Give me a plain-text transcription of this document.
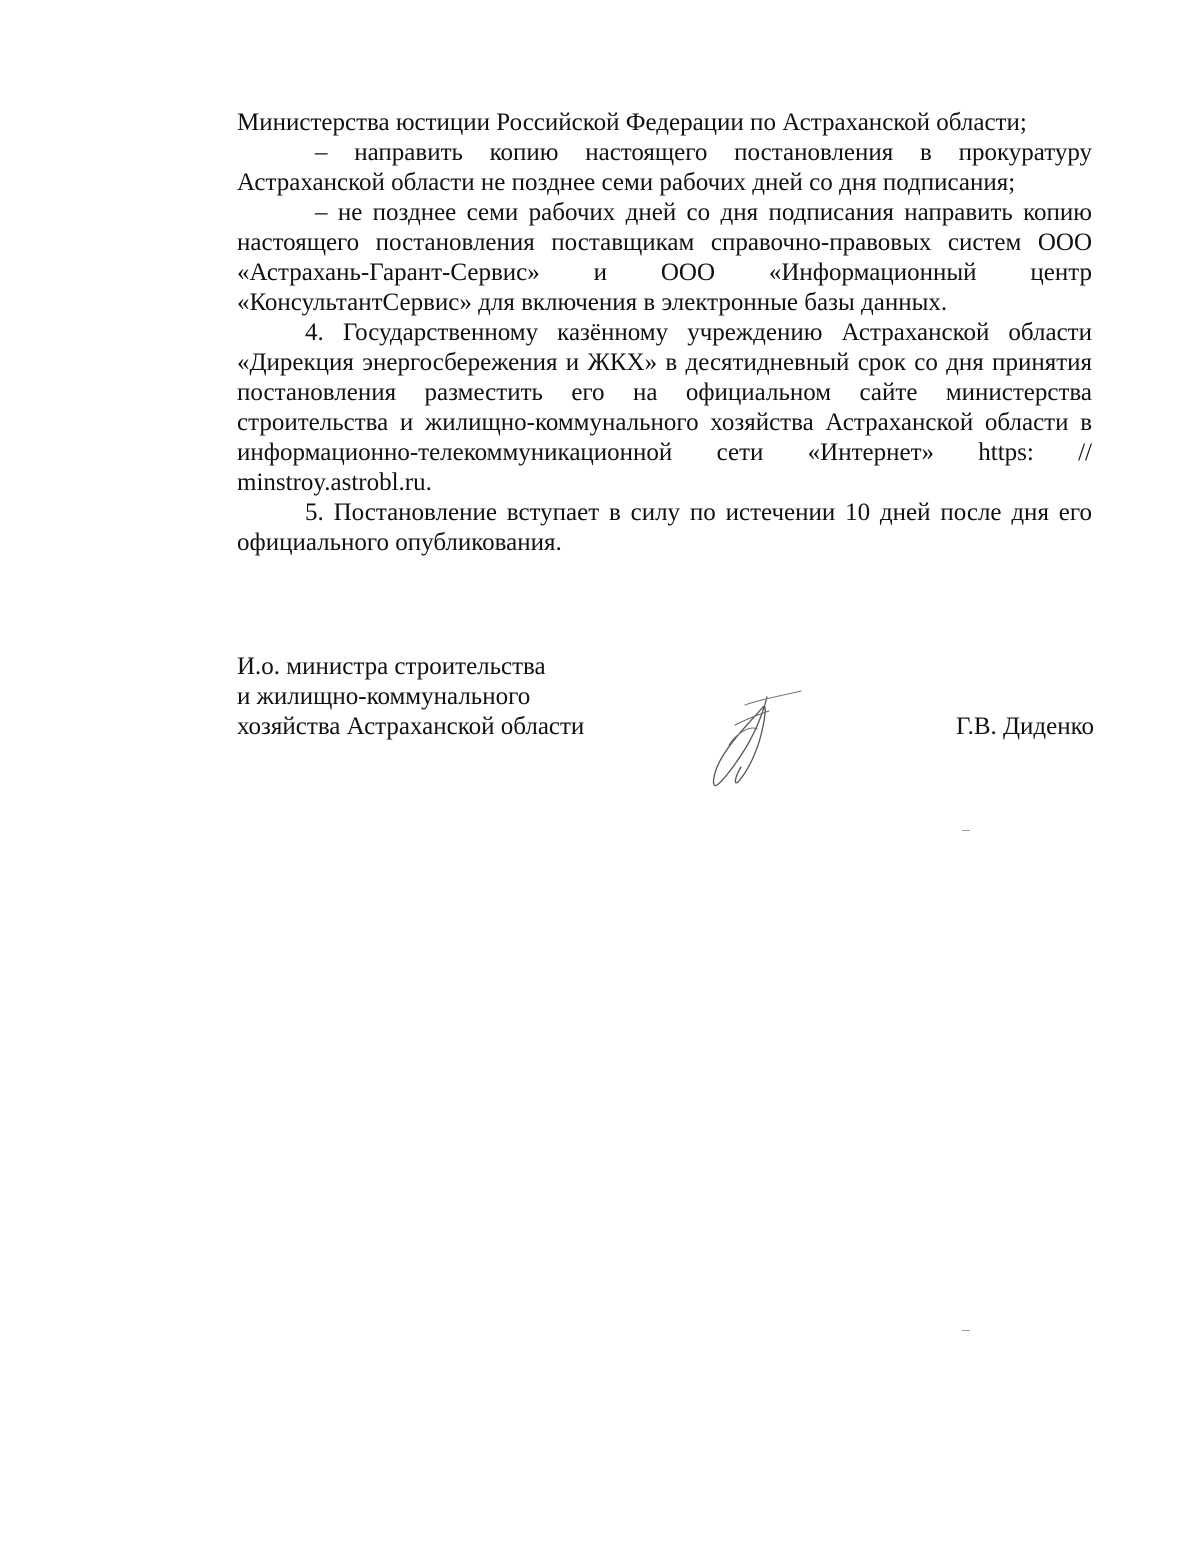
Министерства юстиции Российской Федерации по Астраханской области;

– направить копию настоящего постановления в прокуратуру Астраханской области не позднее семи рабочих дней со дня подписания;

– не позднее семи рабочих дней со дня подписания направить копию настоящего постановления поставщикам справочно-правовых систем ООО «Астрахань-Гарант-Сервис» и ООО «Информационный центр «КонсультантСервис» для включения в электронные базы данных.

4. Государственному казённому учреждению Астраханской области «Дирекция энергосбережения и ЖКХ» в десятидневный срок со дня принятия постановления разместить его на официальном сайте министерства строительства и жилищно-коммунального хозяйства Астраханской области в информационно-телекоммуникационной сети «Интернет» https: // minstroy.astrobl.ru.

5. Постановление вступает в силу по истечении 10 дней после дня его официального опубликования.

И.о. министра строительства
и жилищно-коммунального
хозяйства Астраханской области	Г.В. Диденко
